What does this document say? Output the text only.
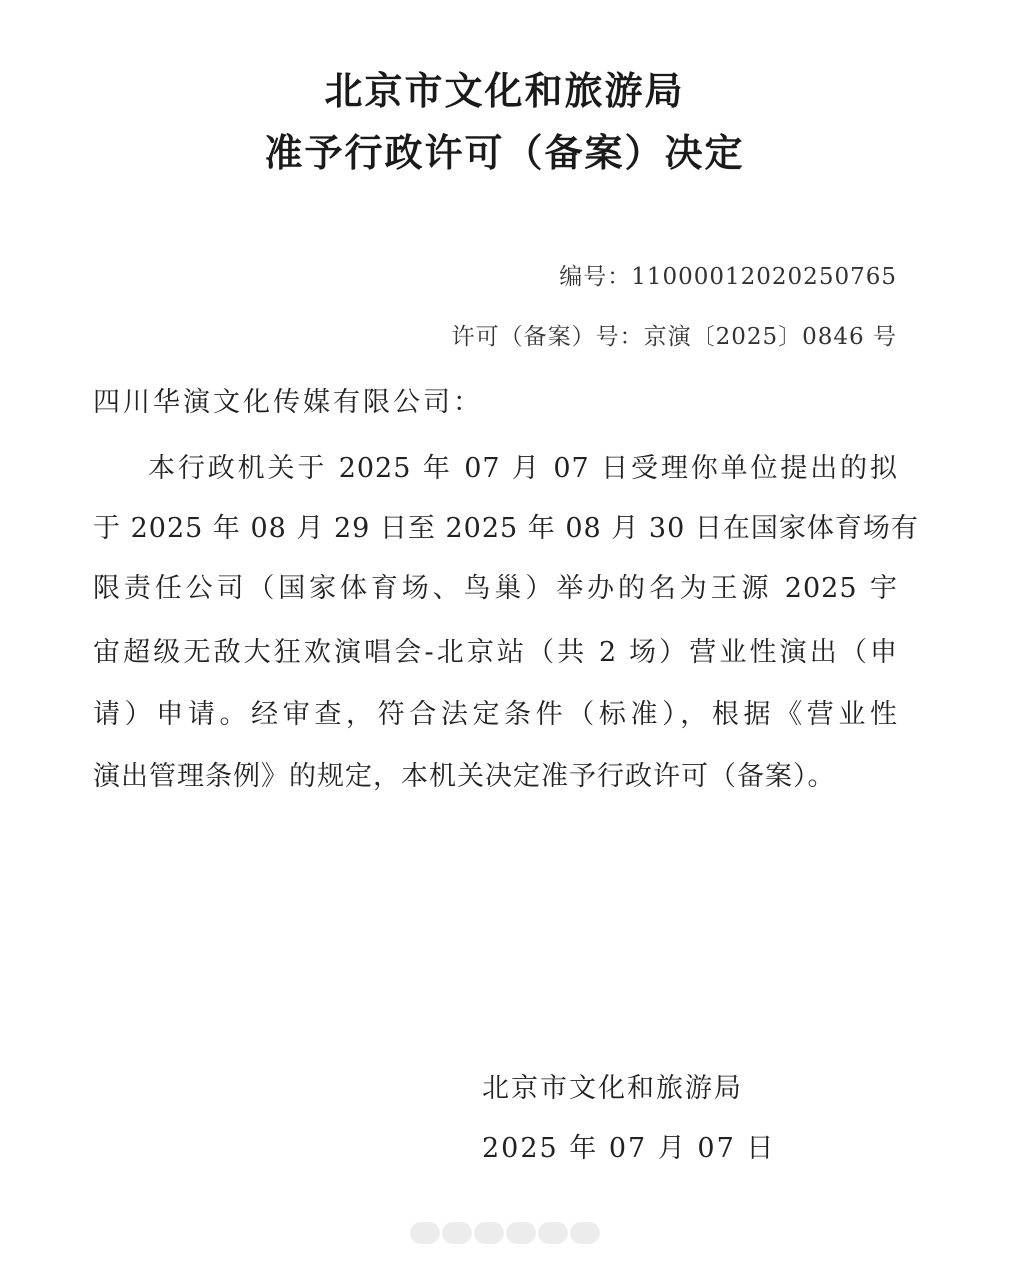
北京市文化和旅游局
准予行政许可（备案）决定
编号：11000012020250765
许可（备案）号：京演〔2025〕0846 号
四川华演文化传媒有限公司：
本行政机关于 2025 年 07 月 07 日受理你单位提出的拟
于 2025 年 08 月 29 日至 2025 年 08 月 30 日在国家体育场有
限责任公司（国家体育场、鸟巢）举办的名为王源 2025 宇
宙超级无敌大狂欢演唱会-北京站（共 2 场）营业性演出（申
请）申请。经审查，符合法定条件（标准），根据《营业性
演出管理条例》的规定，本机关决定准予行政许可（备案）。
北京市文化和旅游局
2025 年 07 月 07 日
